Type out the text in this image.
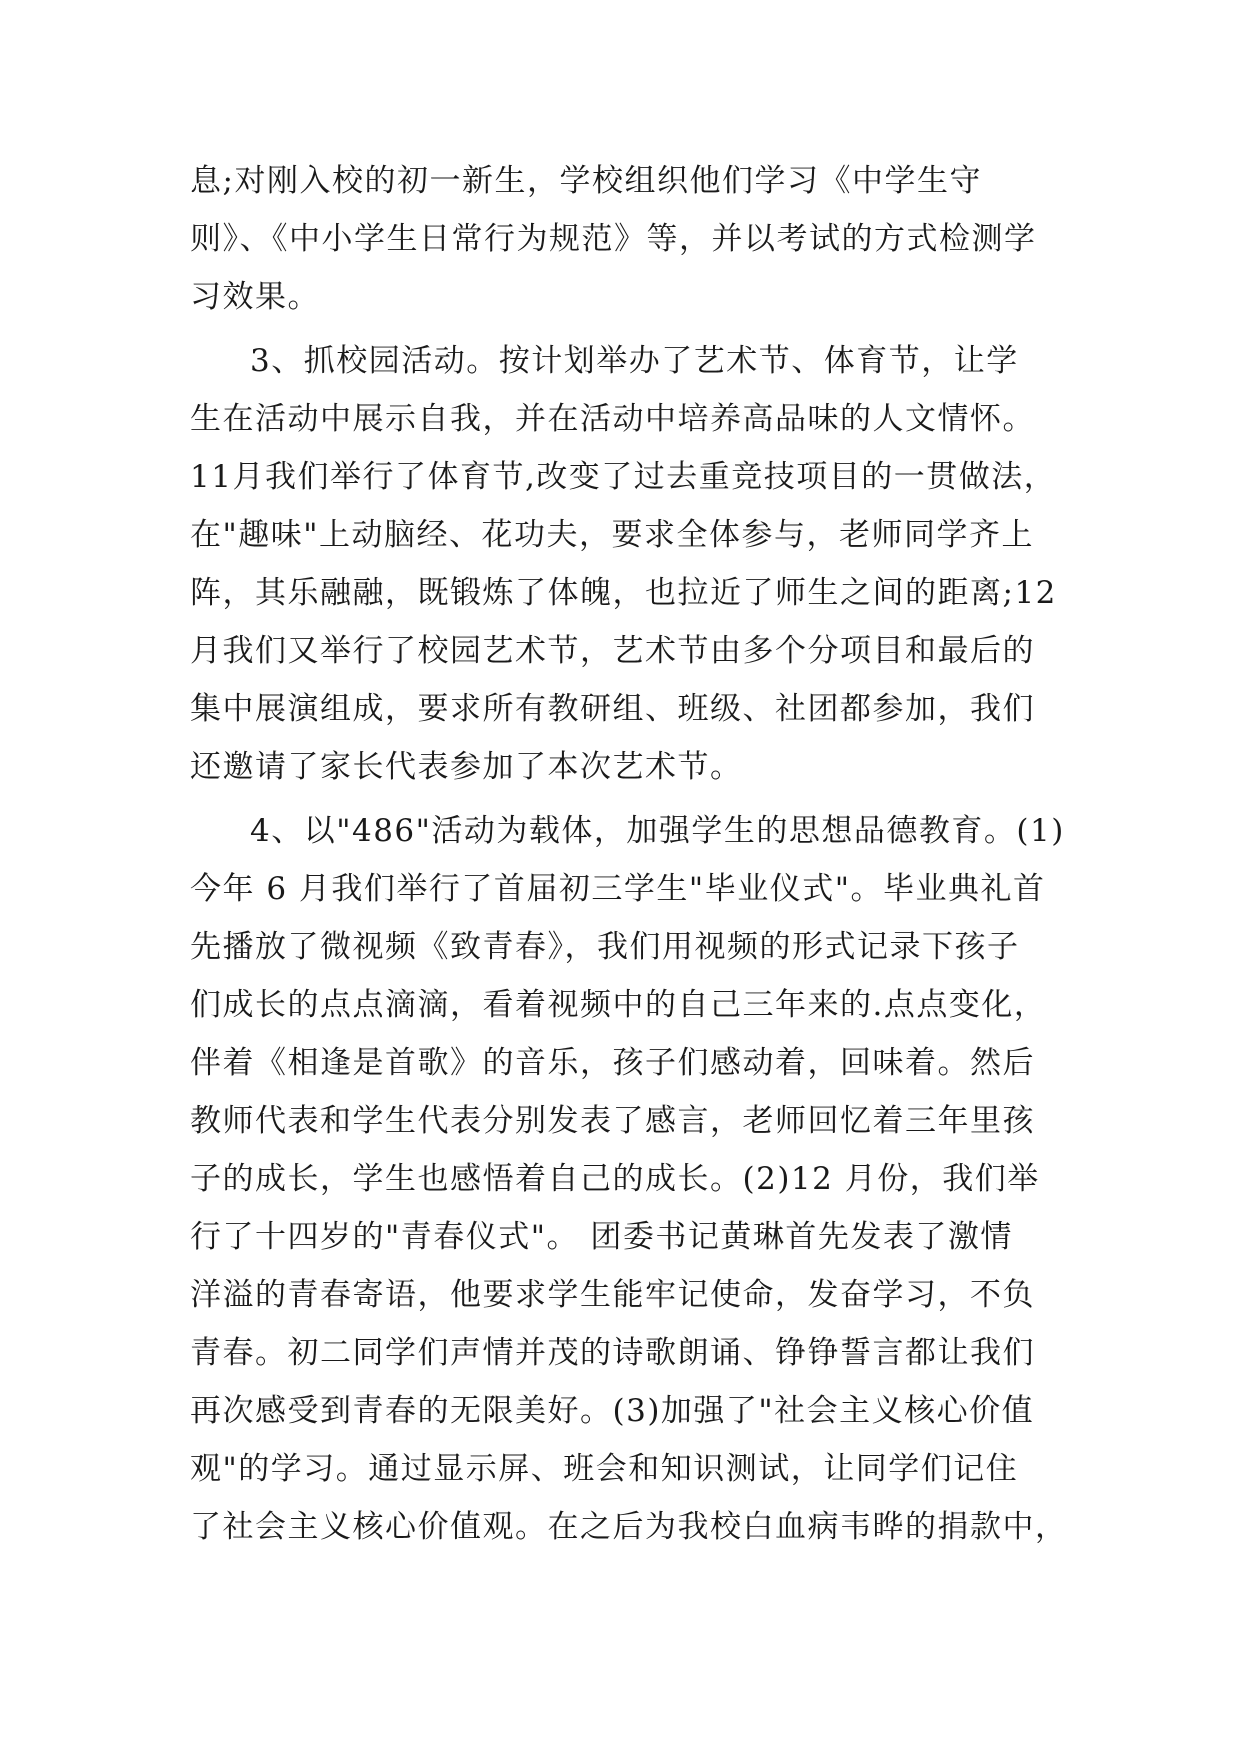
息;对刚入校的初一新生，学校组织他们学习《中学生守
则》、《中小学生日常行为规范》等，并以考试的方式检测学
习效果。
3、抓校园活动。按计划举办了艺术节、体育节，让学
生在活动中展示自我，并在活动中培养高品味的人文情怀。
11月我们举行了体育节,改变了过去重竞技项目的一贯做法，
在"趣味"上动脑经、花功夫，要求全体参与，老师同学齐上
阵，其乐融融，既锻炼了体魄，也拉近了师生之间的距离;12
月我们又举行了校园艺术节，艺术节由多个分项目和最后的
集中展演组成，要求所有教研组、班级、社团都参加，我们
还邀请了家长代表参加了本次艺术节。
4、以"486"活动为载体，加强学生的思想品德教育。(1)
今年 6 月我们举行了首届初三学生"毕业仪式"。毕业典礼首
先播放了微视频《致青春》，我们用视频的形式记录下孩子
们成长的点点滴滴，看着视频中的自己三年来的.点点变化，
伴着《相逢是首歌》的音乐，孩子们感动着，回味着。然后
教师代表和学生代表分别发表了感言，老师回忆着三年里孩
子的成长，学生也感悟着自己的成长。(2)12 月份，我们举
行了十四岁的"青春仪式"。 团委书记黄琳首先发表了激情
洋溢的青春寄语，他要求学生能牢记使命，发奋学习，不负
青春。初二同学们声情并茂的诗歌朗诵、铮铮誓言都让我们
再次感受到青春的无限美好。(3)加强了"社会主义核心价值
观"的学习。通过显示屏、班会和知识测试，让同学们记住
了社会主义核心价值观。在之后为我校白血病韦晔的捐款中，
